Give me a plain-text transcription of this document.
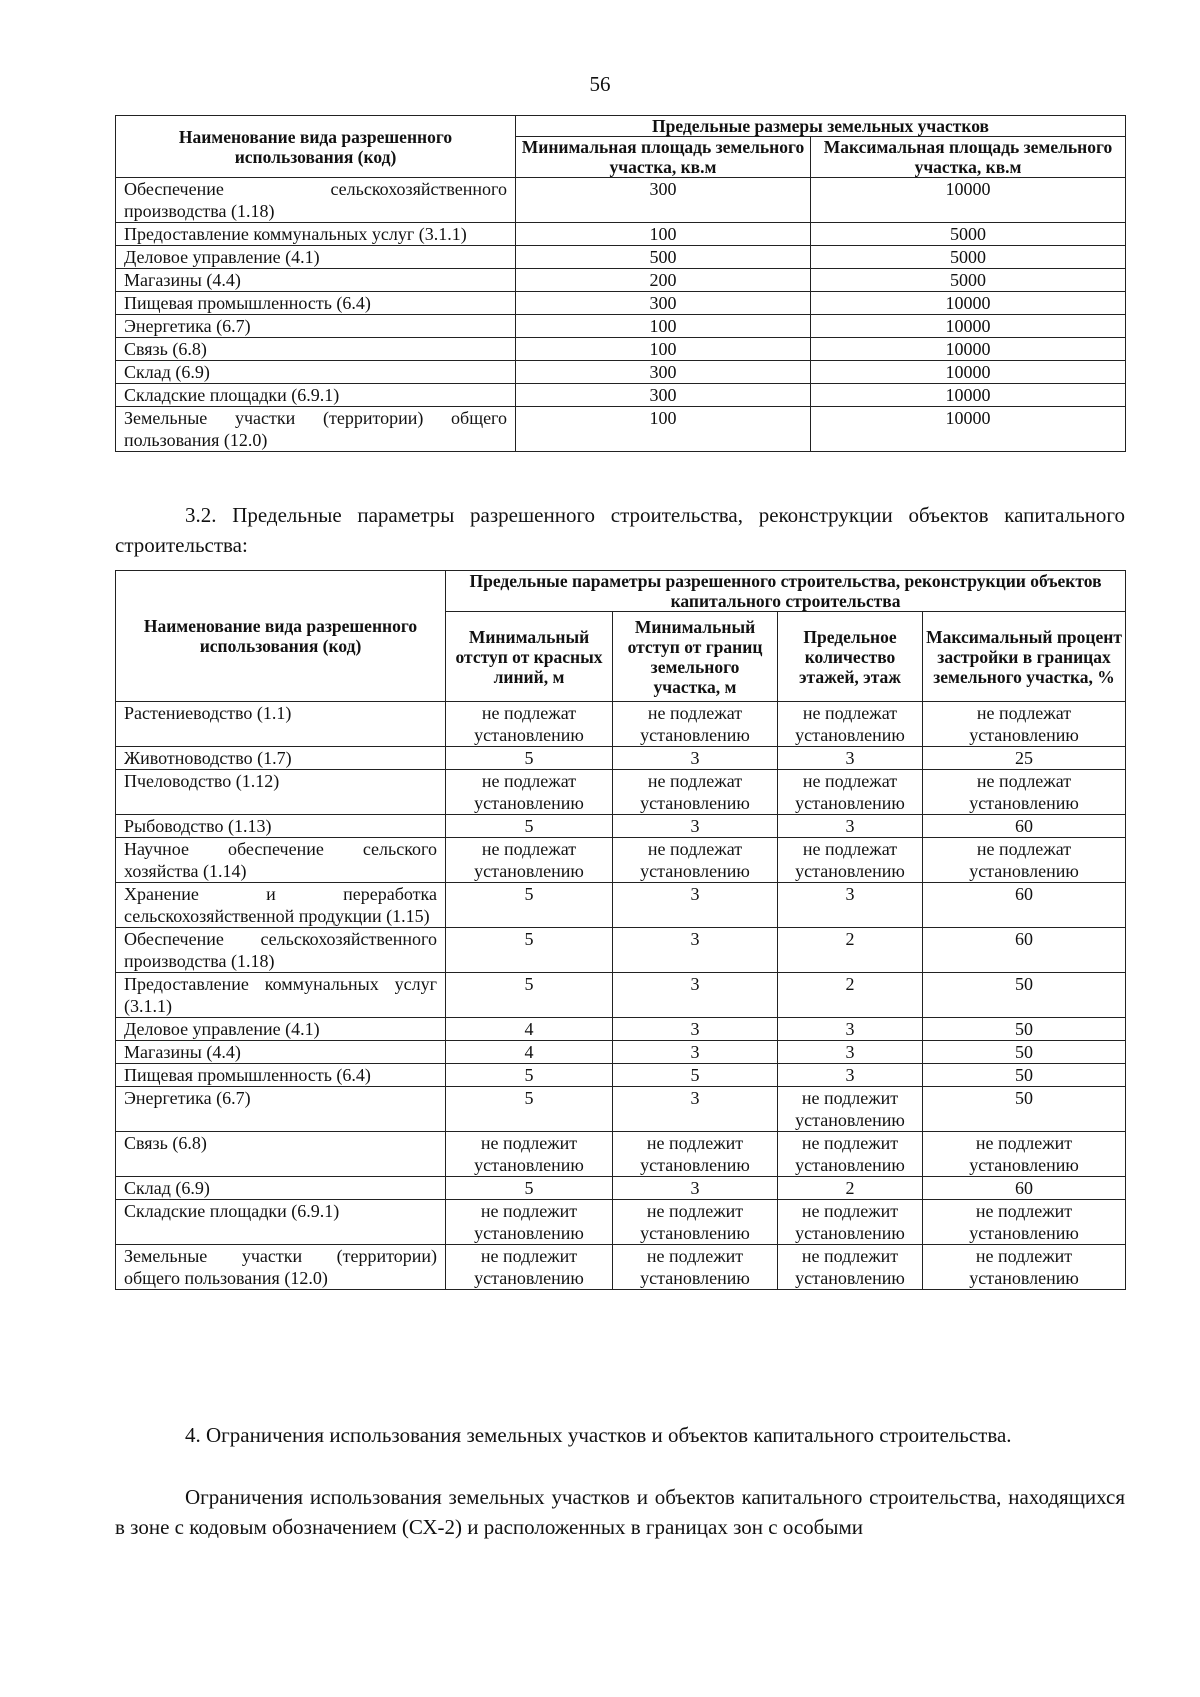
56
Наименование вида разрешенного использования (код)	Предельные размеры земельных участков	
	Минимальная площадь земельного участка, кв.м	Максимальная площадь земельного участка, кв.м
Обеспечение сельскохозяйственного производства (1.18)	300	10000
Предоставление коммунальных услуг (3.1.1)	100	5000
Деловое управление (4.1)	500	5000
Магазины (4.4)	200	5000
Пищевая промышленность (6.4)	300	10000
Энергетика (6.7)	100	10000
Связь (6.8)	100	10000
Склад (6.9)	300	10000
Складские площадки (6.9.1)	300	10000
Земельные участки (территории) общего пользования (12.0)	100	10000
3.2. Предельные параметры разрешенного строительства, реконструкции объектов капитального строительства:
Наименование вида разрешенного использования (код)	Предельные параметры разрешенного строительства, реконструкции объектов капитального строительства			
	Минимальный отступ от красных линий, м	Минимальный отступ от границ земельного участка, м	Предельное количество этажей, этаж	Максимальный процент застройки в границах земельного участка, %
Растениеводство (1.1)	не подлежат установлению	не подлежат установлению	не подлежат установлению	не подлежат установлению
Животноводство (1.7)	5	3	3	25
Пчеловодство (1.12)	не подлежат установлению	не подлежат установлению	не подлежат установлению	не подлежат установлению
Рыбоводство (1.13)	5	3	3	60
Научное обеспечение сельского хозяйства (1.14)	не подлежат установлению	не подлежат установлению	не подлежат установлению	не подлежат установлению
Хранение и переработка сельскохозяйственной продукции (1.15)	5	3	3	60
Обеспечение сельскохозяйственного производства (1.18)	5	3	2	60
Предоставление коммунальных услуг (3.1.1)	5	3	2	50
Деловое управление (4.1)	4	3	3	50
Магазины (4.4)	4	3	3	50
Пищевая промышленность (6.4)	5	5	3	50
Энергетика (6.7)	5	3	не подлежит установлению	50
Связь (6.8)	не подлежит установлению	не подлежит установлению	не подлежит установлению	не подлежит установлению
Склад (6.9)	5	3	2	60
Складские площадки (6.9.1)	не подлежит установлению	не подлежит установлению	не подлежит установлению	не подлежит установлению
Земельные участки (территории) общего пользования (12.0)	не подлежит установлению	не подлежит установлению	не подлежит установлению	не подлежит установлению
4. Ограничения использования земельных участков и объектов капитального строительства.
Ограничения использования земельных участков и объектов капитального строительства, находящихся в зоне с кодовым обозначением (СХ-2) и расположенных в границах зон с особыми
